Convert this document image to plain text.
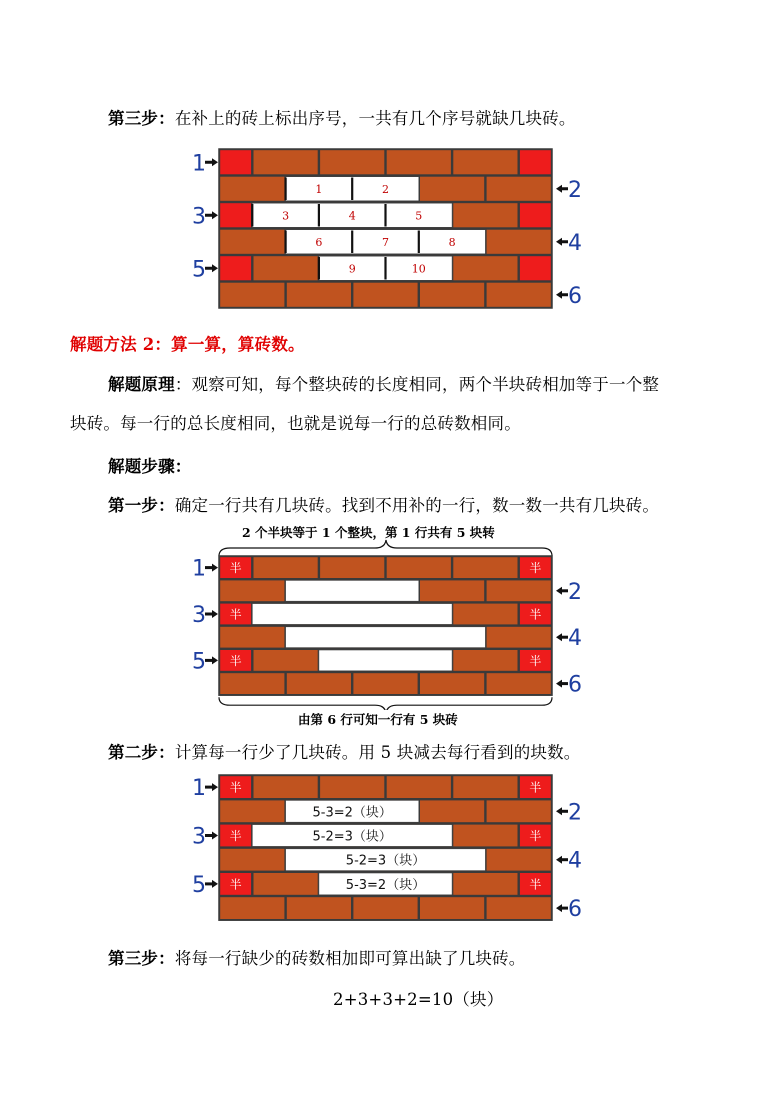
第三步：在补上的砖上标出序号，一共有几个序号就缺几块砖。
1
2
3
4
5
6
1	2
3	4	5
6	7	8
9	10
解题方法 2：算一算，算砖数。
解题原理：观察可知，每个整块砖的长度相同，两个半块砖相加等于一个整
块砖。每一行的总长度相同，也就是说每一行的总砖数相同。
解题步骤：
第一步：确定一行共有几块砖。找到不用补的一行，数一数一共有几块砖。
2 个半块等于 1 个整块，第 1 行共有 5 块转
半	半
半	半
半	半
1
2
3
4
5
6
由第 6 行可知一行有 5 块砖
第二步：计算每一行少了几块砖。用 5 块减去每行看到的块数。
半	半
半	半
半	半
1
2
3
4
5
6
5-3=2（块）
5-2=3（块）
5-2=3（块）
5-3=2（块）
第三步：将每一行缺少的砖数相加即可算出缺了几块砖。
2+3+3+2=10（块）
